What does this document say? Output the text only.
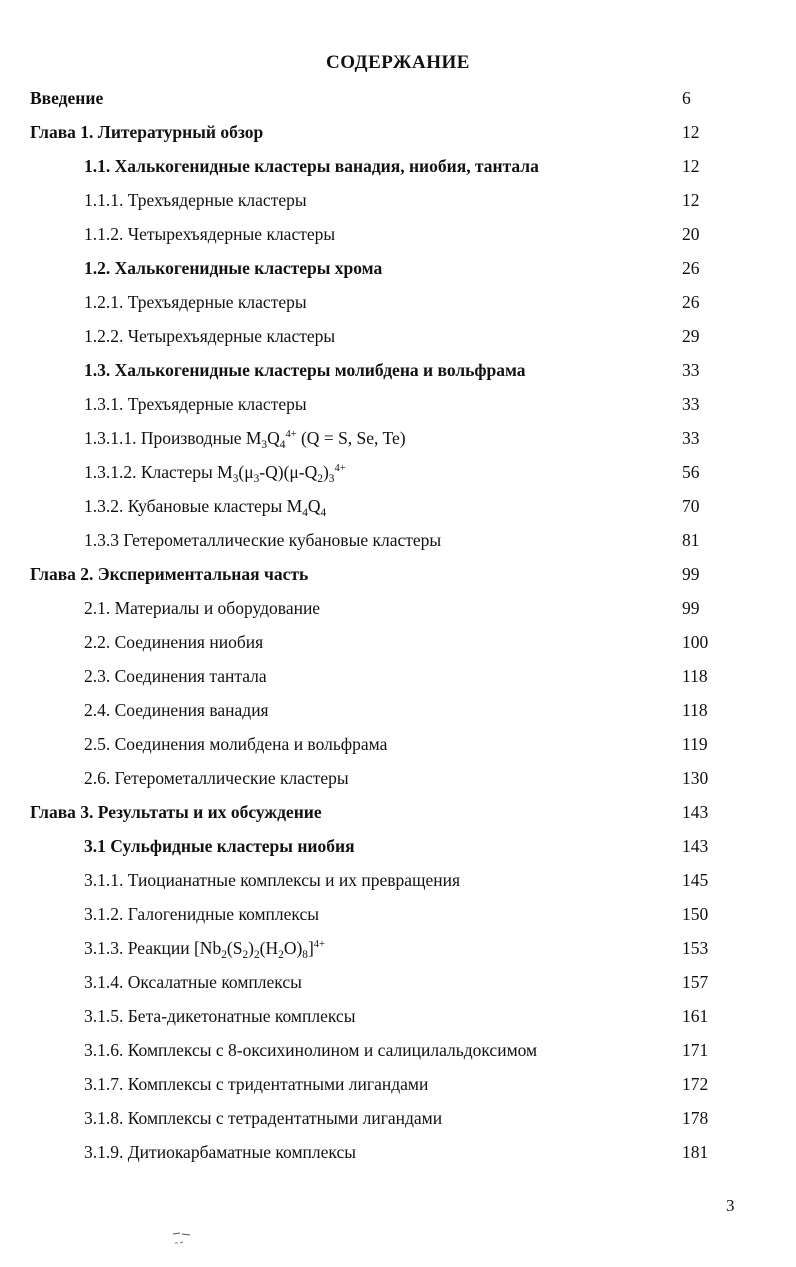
СОДЕРЖАНИЕ
Введение	6
Глава 1. Литературный обзор	12
1.1. Халькогенидные кластеры ванадия, ниобия, тантала	12
1.1.1. Трехъядерные кластеры	12
1.1.2. Четырехъядерные кластеры	20
1.2. Халькогенидные кластеры хрома	26
1.2.1. Трехъядерные кластеры	26
1.2.2. Четырехъядерные кластеры	29
1.3. Халькогенидные кластеры молибдена и вольфрама	33
1.3.1. Трехъядерные кластеры	33
1.3.1.1. Производные $M_3Q_4^{4+}$ (Q = S, Se, Te)	33
1.3.1.2. Кластеры $M_3(\mu_3-Q)(\mu-Q_2)_3^{4+}$	56
1.3.2. Кубановые кластеры $M_4Q_4$	70
1.3.3 Гетерометаллические кубановые кластеры	81
Глава 2. Экспериментальная часть	99
2.1. Материалы и оборудование	99
2.2. Соединения ниобия	100
2.3. Соединения тантала	118
2.4. Соединения ванадия	118
2.5. Соединения молибдена и вольфрама	119
2.6. Гетерометаллические кластеры	130
Глава 3. Результаты и их обсуждение	143
3.1 Сульфидные кластеры ниобия	143
3.1.1. Тиоцианатные комплексы и их превращения	145
3.1.2. Галогенидные комплексы	150
3.1.3. Реакции $[Nb_2(S_2)_2(H_2O)_8]^{4+}$	153
3.1.4. Оксалатные комплексы	157
3.1.5. Бета-дикетонатные комплексы	161
3.1.6. Комплексы с 8-оксихинолином и салицилальдоксимом	171
3.1.7. Комплексы с тридентатными лигандами	172
3.1.8. Комплексы с тетрадентатными лигандами	178
3.1.9. Дитиокарбаматные комплексы	181
3
